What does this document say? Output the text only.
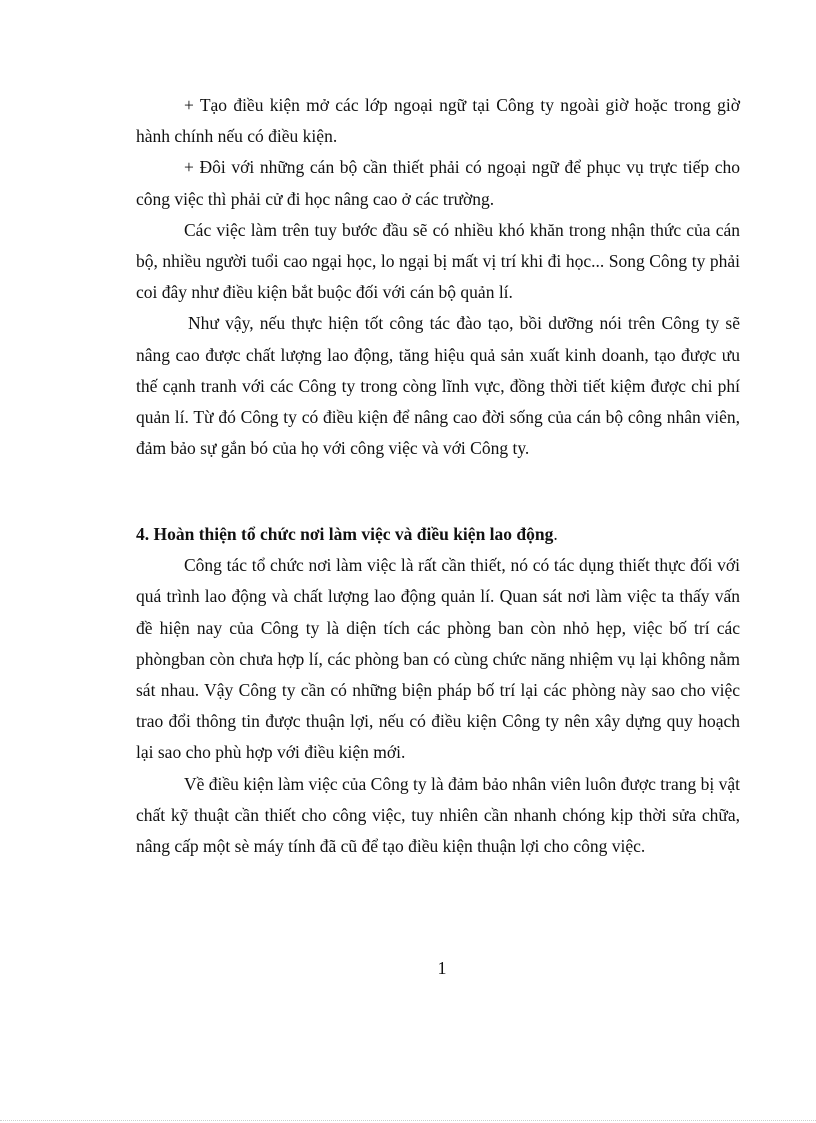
+ Tạo điều kiện mở các lớp ngoại ngữ tại Công ty ngoài giờ hoặc trong giờ hành chính nếu có điều kiện.

+ Đôi với những cán bộ cần thiết phải có ngoại ngữ để phục vụ trực tiếp cho công việc thì phải cử đi học nâng cao ở các trường.

Các việc làm trên tuy bước đầu sẽ có nhiều khó khăn trong nhận thức của cán bộ, nhiều người tuổi cao ngại học, lo ngại bị mất vị trí khi đi học... Song Công ty phải coi đây như điều kiện bắt buộc đối với cán bộ quản lí.

Như vậy, nếu thực hiện tốt công tác đào tạo, bồi dưỡng nói trên Công ty sẽ nâng cao được chất lượng lao động, tăng hiệu quả sản xuất kinh doanh, tạo được ưu thế cạnh tranh với các Công ty trong còng lĩnh vực, đồng thời tiết kiệm được chi phí quản lí. Từ đó Công ty có điều kiện để nâng cao đời sống của cán bộ công nhân viên, đảm bảo sự gắn bó của họ với công việc và với Công ty.

4. Hoàn thiện tổ chức nơi làm việc và điều kiện lao động.

Công tác tổ chức nơi làm việc là rất cần thiết, nó có tác dụng thiết thực đối với quá trình lao động và chất lượng lao động quản lí. Quan sát nơi làm việc ta thấy vấn đề hiện nay của Công ty là diện tích các phòng ban còn nhỏ hẹp, việc bố trí các phòngban còn chưa hợp lí, các phòng ban có cùng chức năng nhiệm vụ lại không nằm sát nhau. Vậy Công ty cần có những biện pháp bố trí lại các phòng này sao cho việc trao đổi thông tin được thuận lợi, nếu có điều kiện Công ty nên xây dựng quy hoạch lại sao cho phù hợp với điều kiện mới.

Về điều kiện làm việc của Công ty là đảm bảo nhân viên luôn được trang bị vật chất kỹ thuật cần thiết cho công việc, tuy nhiên cần nhanh chóng kịp thời sửa chữa, nâng cấp một sè máy tính đã cũ để tạo điều kiện thuận lợi cho công việc.

1
